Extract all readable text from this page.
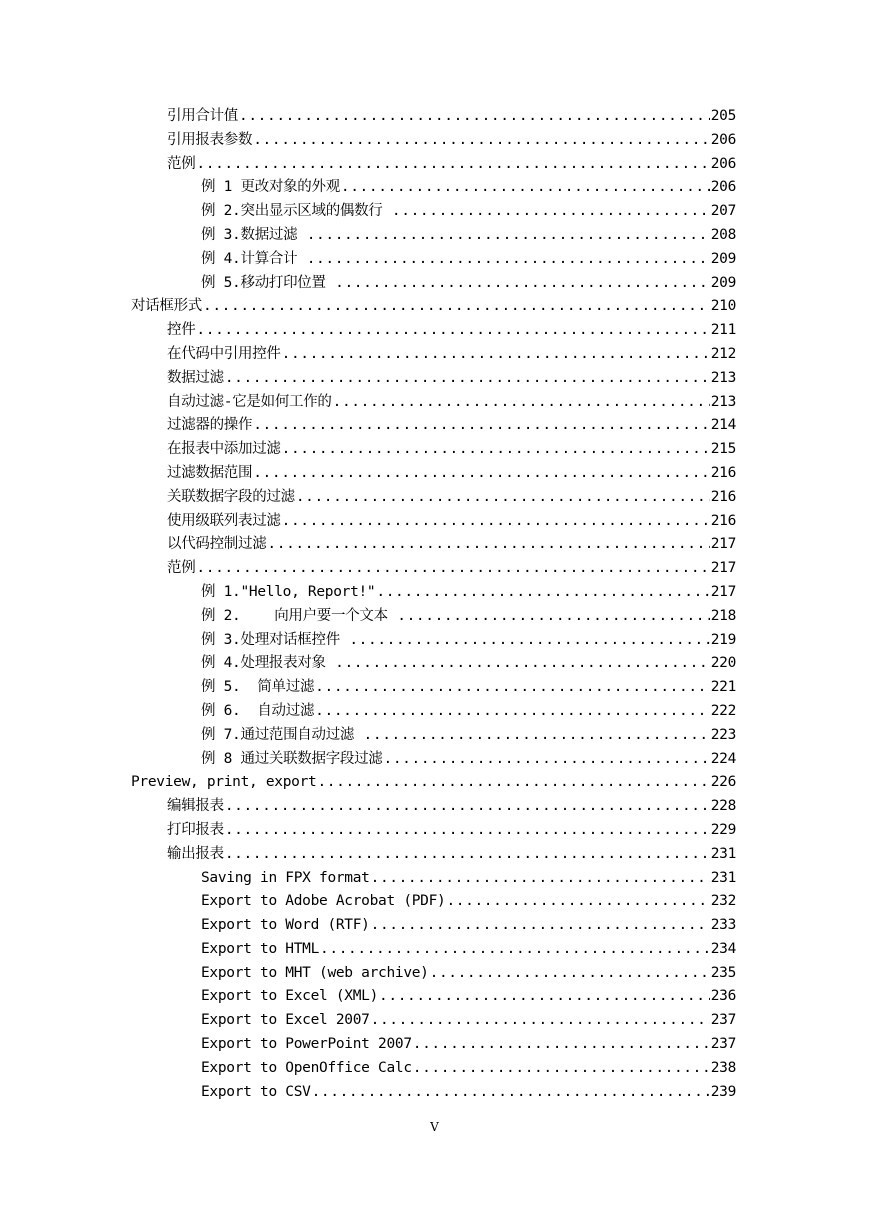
引用合计值 .....	205
引用报表参数 .....	206
范例 .....	206
例 1 更改对象的外观 .....	206
例 2.突出显示区域的偶数行 .....	207
例 3.数据过滤 .....	208
例 4.计算合计 .....	209
例 5.移动打印位置 .....	209
对话框形式 .....	210
控件 .....	211
在代码中引用控件 .....	212
数据过滤 .....	213
自动过滤-它是如何工作的 .....	213
过滤器的操作 .....	214
在报表中添加过滤 .....	215
过滤数据范围 .....	216
关联数据字段的过滤 .....	216
使用级联列表过滤 .....	216
以代码控制过滤 .....	217
范例 .....	217
例 1."Hello, Report!" .....	217
例 2.    向用户要一个文本 .....	218
例 3.处理对话框控件 .....	219
例 4.处理报表对象 .....	220
例 5.  简单过滤 .....	221
例 6.  自动过滤 .....	222
例 7.通过范围自动过滤 .....	223
例 8 通过关联数据字段过滤 .....	224
Preview, print, export .....	226
编辑报表 .....	228
打印报表 .....	229
输出报表 .....	231
Saving in FPX format .....	231
Export to Adobe Acrobat (PDF) .....	232
Export to Word (RTF) .....	233
Export to HTML .....	234
Export to MHT (web archive) .....	235
Export to Excel (XML) .....	236
Export to Excel 2007 .....	237
Export to PowerPoint 2007 .....	237
Export to OpenOffice Calc .....	238
Export to CSV .....	239
V
